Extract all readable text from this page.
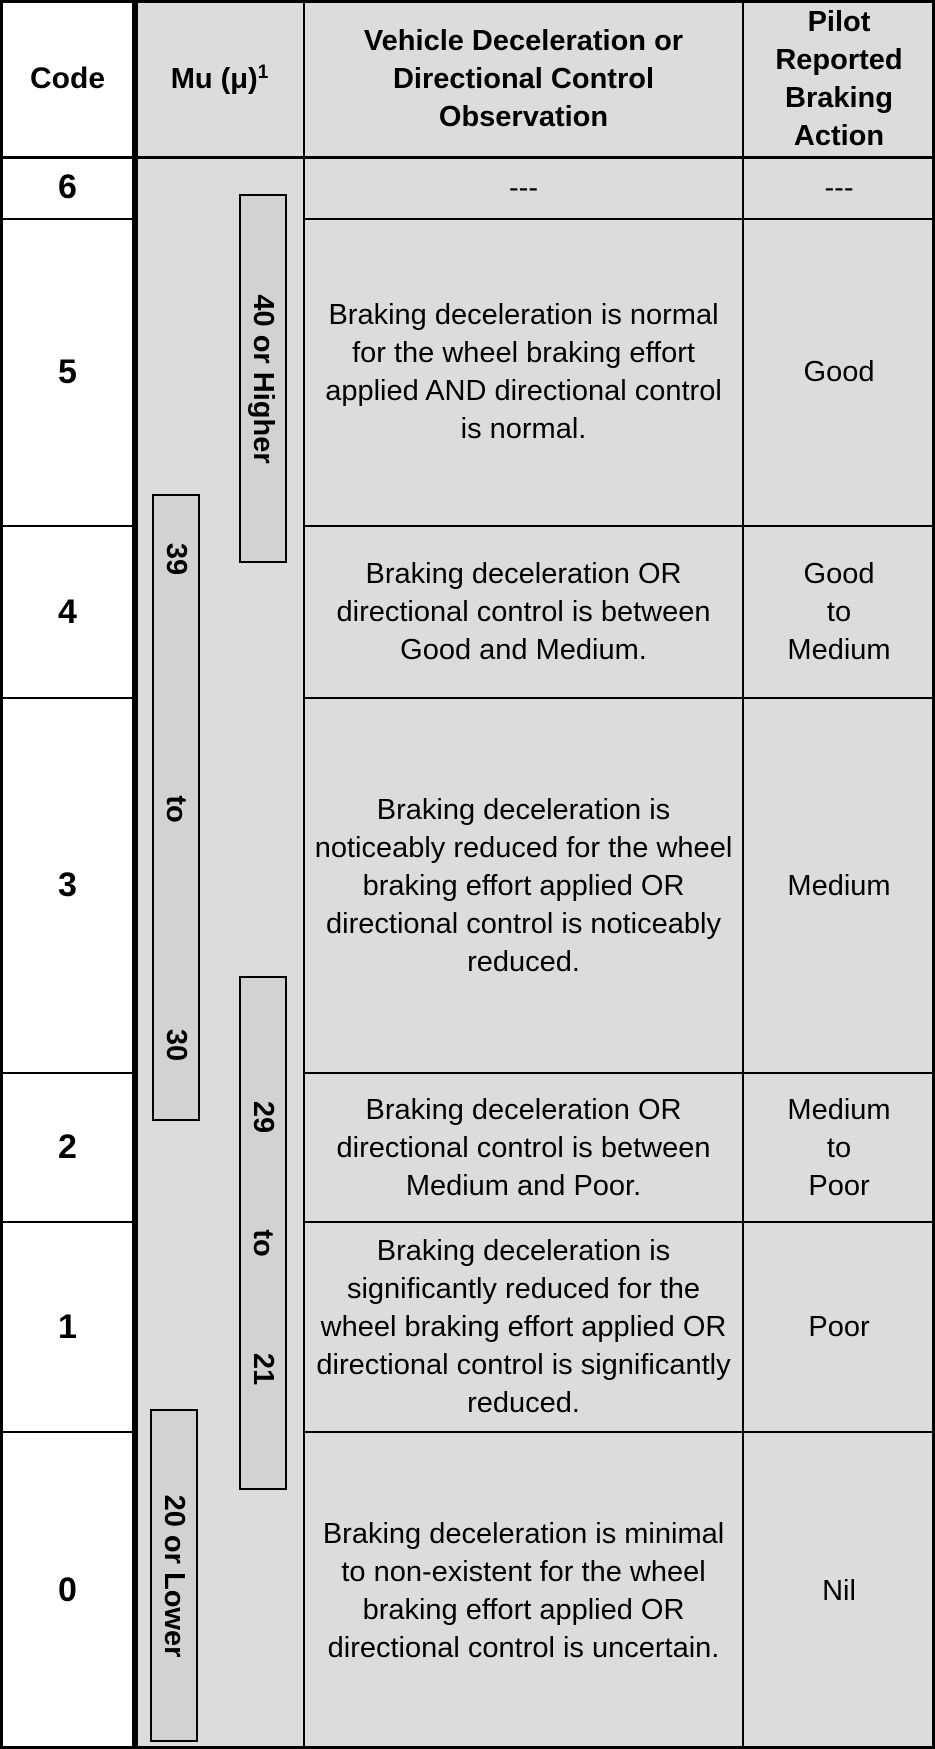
Code	Mu (μ) $^1$
Vehicle Deceleration or Directional Control Observation
Pilot Reported Braking Action
6
5
4
3
2
1
0
---
Braking deceleration is normal for the wheel braking effort applied AND directional control is normal.
Braking deceleration OR directional control is between Good and Medium.
Braking deceleration is noticeably reduced for the wheel braking effort applied OR directional control is noticeably reduced.
Braking deceleration OR directional control is between Medium and Poor.
Braking deceleration is significantly reduced for the wheel braking effort applied OR directional control is significantly reduced.
Braking deceleration is minimal to non-existent for the wheel braking effort applied OR directional control is uncertain.
---
Good
Good
to
Medium
Medium
Medium
to
Poor
Poor
Nil
40 or Higher
39
to
30
29
to
21
20 or Lower
